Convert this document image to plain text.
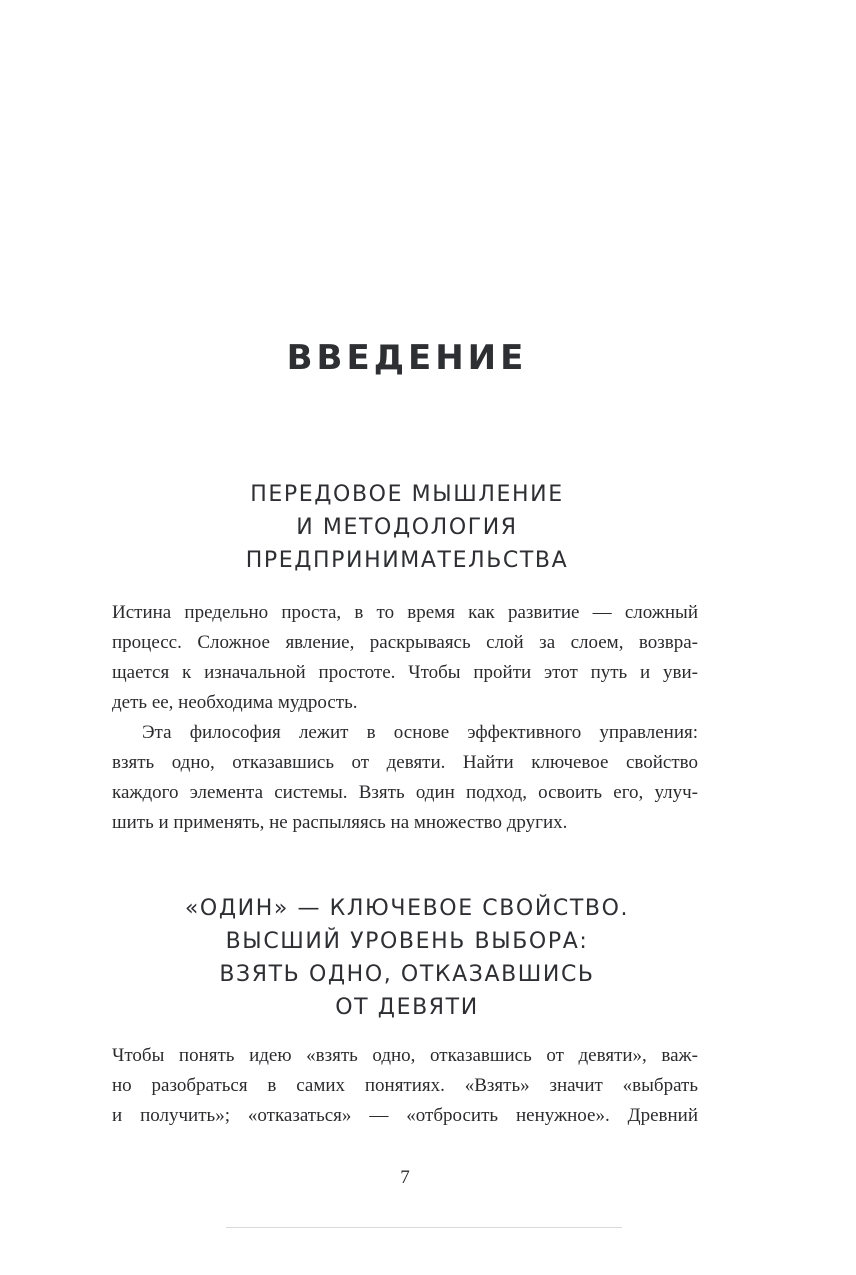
ВВЕДЕНИЕ
ПЕРЕДОВОЕ МЫШЛЕНИЕ
И МЕТОДОЛОГИЯ
ПРЕДПРИНИМАТЕЛЬСТВА
Истина предельно проста, в то время как развитие — сложный
процесс. Сложное явление, раскрываясь слой за слоем, возвра-
щается к изначальной простоте. Чтобы пройти этот путь и уви-
деть ее, необходима мудрость.
Эта философия лежит в основе эффективного управления:
взять одно, отказавшись от девяти. Найти ключевое свойство
каждого элемента системы. Взять один подход, освоить его, улуч-
шить и применять, не распыляясь на множество других.
«ОДИН» — КЛЮЧЕВОЕ СВОЙСТВО.
ВЫСШИЙ УРОВЕНЬ ВЫБОРА:
ВЗЯТЬ ОДНО, ОТКАЗАВШИСЬ
ОТ ДЕВЯТИ
Чтобы понять идею «взять одно, отказавшись от девяти», важ-
но разобраться в самих понятиях. «Взять» значит «выбрать
и получить»; «отказаться» — «отбросить ненужное». Древний
7
